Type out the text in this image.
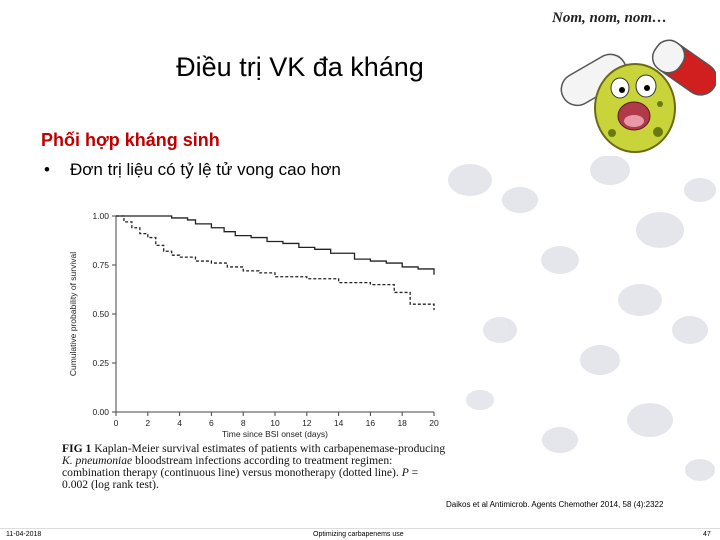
Điều trị VK đa kháng
Phối hợp kháng sinh
• Đơn trị liệu có tỷ lệ tử vong cao hơn
Nom, nom, nom…
0.00
0.25
0.50
0.75
1.00
0	2	4	6	8	10	12	14	16	18	20
Time since BSI onset (days)
Cumulative probability of survival
FIG 1 Kaplan-Meier survival estimates of patients with carbapenemase-producing K. pneumoniae bloodstream infections according to treatment regimen: combination therapy (continuous line) versus monotherapy (dotted line). P = 0.002 (log rank test).
Daikos et al Antimicrob. Agents Chemother 2014, 58 (4):2322
11-04-2018	Optimizing carbapenems use	47
